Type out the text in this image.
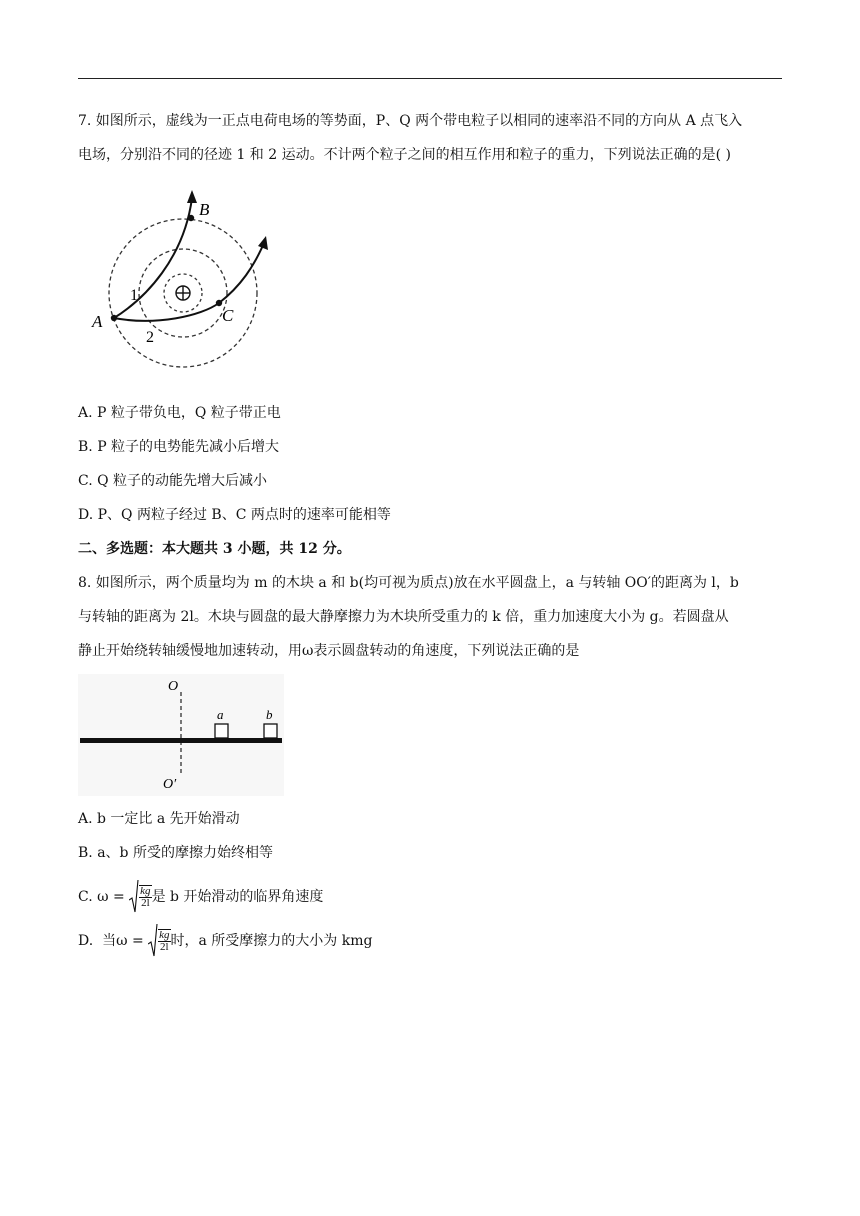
7. 如图所示，虚线为一正点电荷电场的等势面，P、Q 两个带电粒子以相同的速率沿不同的方向从 A 点飞入
电场，分别沿不同的径迹 1 和 2 运动。不计两个粒子之间的相互作用和粒子的重力，下列说法正确的是( )
B
A	C
1
2
A. P 粒子带负电，Q 粒子带正电
B. P 粒子的电势能先减小后增大
C. Q 粒子的动能先增大后减小
D. P、Q 两粒子经过 B、C 两点时的速率可能相等
二、多选题：本大题共 3 小题，共 12 分。
8. 如图所示，两个质量均为 m 的木块 a 和 b(均可视为质点)放在水平圆盘上，a 与转轴 OO′的距离为 l，b
与转轴的距离为 2l。木块与圆盘的最大静摩擦力为木块所受重力的 k 倍，重力加速度大小为 g。若圆盘从
静止开始绕转轴缓慢地加速转动，用ω表示圆盘转动的角速度，下列说法正确的是
O
O′
a	b
A. b 一定比 a 先开始滑动
B. a、b 所受的摩擦力始终相等
C. $\omega = \frac{kg}{2l}$ 是 b 开始滑动的临界角速度
D.  当$\omega = \frac{kg}{2l}$ 时，a 所受摩擦力的大小为 kmg
